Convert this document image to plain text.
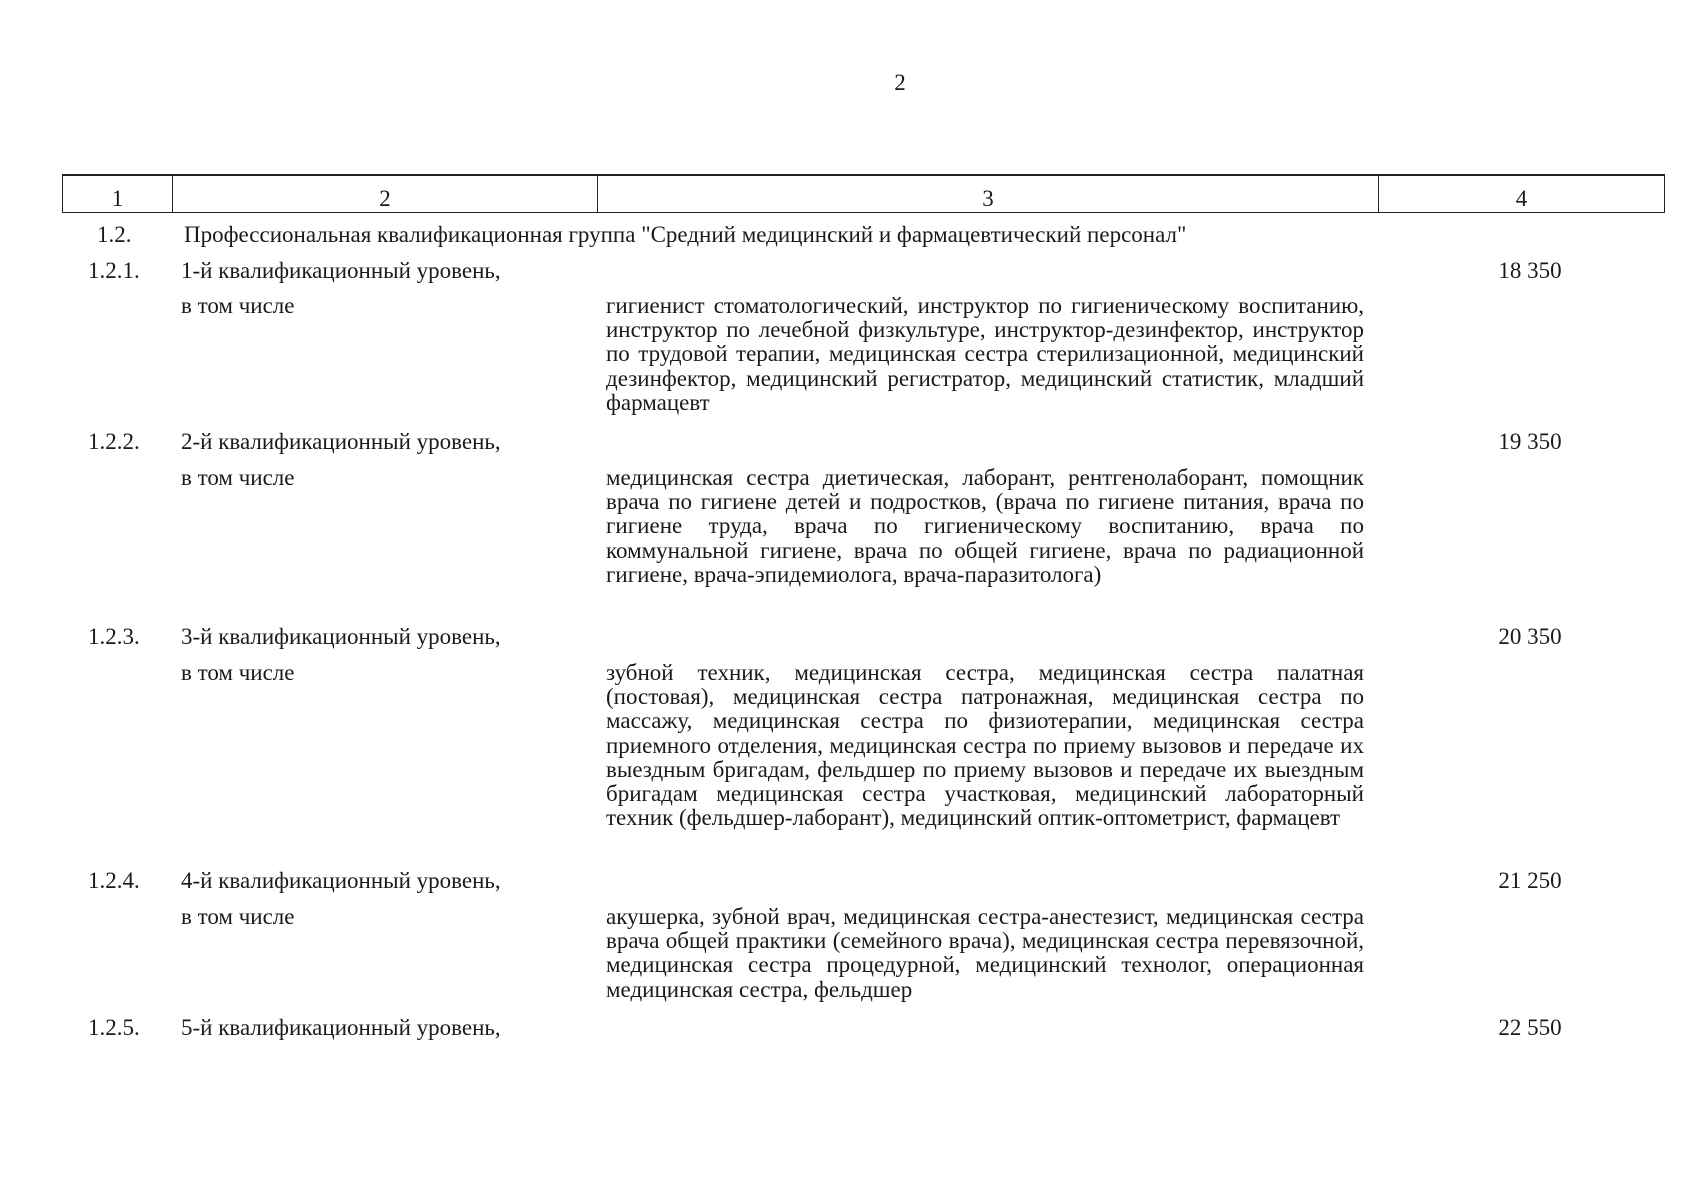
2
1	2	3	4
1.2. Профессиональная квалификационная группа "Средний медицинский и фармацевтический персонал"
1.2.1. 1-й квалификационный уровень,	18 350
в том числе	гигиенист стоматологический, инструктор по гигиеническому воспитанию, инструктор по лечебной физкультуре, инструктор-дезинфектор, инструктор по трудовой терапии, медицинская сестра стерилизационной, медицинский дезинфектор, медицинский регистратор, медицинский статистик, младший фармацевт
1.2.2. 2-й квалификационный уровень,	19 350
в том числе	медицинская сестра диетическая, лаборант, рентгенолаборант, помощник врача по гигиене детей и подростков, (врача по гигиене питания, врача по гигиене труда, врача по гигиеническому воспитанию, врача по коммунальной гигиене, врача по общей гигиене, врача по радиационной гигиене, врача-эпидемиолога, врача-паразитолога)
1.2.3. 3-й квалификационный уровень,	20 350
в том числе	зубной техник, медицинская сестра, медицинская сестра палатная (постовая), медицинская сестра патронажная, медицинская сестра по массажу, медицинская сестра по физиотерапии, медицинская сестра приемного отделения, медицинская сестра по приему вызовов и передаче их выездным бригадам, фельдшер по приему вызовов и передаче их выездным бригадам медицинская сестра участковая, медицинский лабораторный техник (фельдшер-лаборант), медицинский оптик-оптометрист, фармацевт
1.2.4. 4-й квалификационный уровень,	21 250
в том числе	акушерка, зубной врач, медицинская сестра-анестезист, медицинская сестра врача общей практики (семейного врача), медицинская сестра перевязочной, медицинская сестра процедурной, медицинский технолог, операционная медицинская сестра, фельдшер
1.2.5. 5-й квалификационный уровень,	22 550
